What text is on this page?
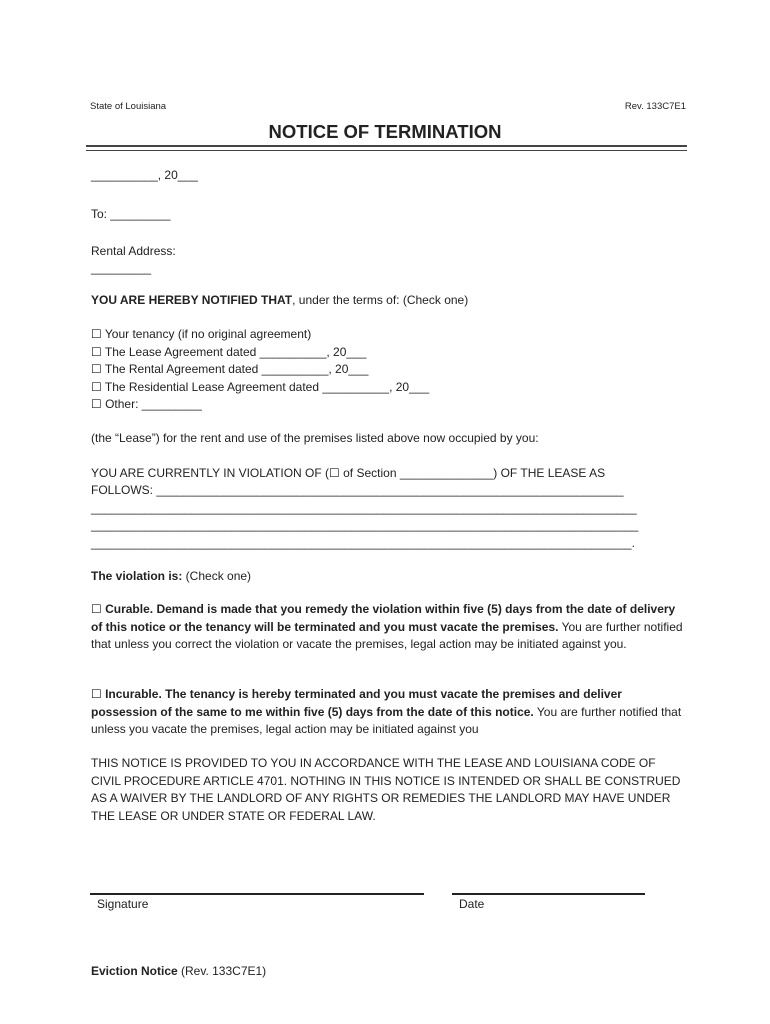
State of Louisiana	Rev. 133C7E1
NOTICE OF TERMINATION
__________, 20___
To: _________
Rental Address:
_________
YOU ARE HEREBY NOTIFIED THAT, under the terms of: (Check one)
☐ Your tenancy (if no original agreement)
☐ The Lease Agreement dated __________, 20___
☐ The Rental Agreement dated __________, 20___
☐ The Residential Lease Agreement dated __________, 20___
☐ Other: _________
(the “Lease”) for the rent and use of the premises listed above now occupied by you:
YOU ARE CURRENTLY IN VIOLATION OF (☐ of Section ______________) OF THE LEASE AS
FOLLOWS: ______________________________________________________________________
__________________________________________________________________________________
__________________________________________________________________________________
_________________________________________________________________________________.
The violation is: (Check one)
☐ Curable. Demand is made that you remedy the violation within five (5) days from the date of delivery of this notice or the tenancy will be terminated and you must vacate the premises. You are further notified that unless you correct the violation or vacate the premises, legal action may be initiated against you.
☐ Incurable. The tenancy is hereby terminated and you must vacate the premises and deliver possession of the same to me within five (5) days from the date of this notice. You are further notified that unless you vacate the premises, legal action may be initiated against you
THIS NOTICE IS PROVIDED TO YOU IN ACCORDANCE WITH THE LEASE AND LOUISIANA CODE OF CIVIL PROCEDURE ARTICLE 4701. NOTHING IN THIS NOTICE IS INTENDED OR SHALL BE CONSTRUED AS A WAIVER BY THE LANDLORD OF ANY RIGHTS OR REMEDIES THE LANDLORD MAY HAVE UNDER THE LEASE OR UNDER STATE OR FEDERAL LAW.
Signature	Date
Eviction Notice (Rev. 133C7E1)
